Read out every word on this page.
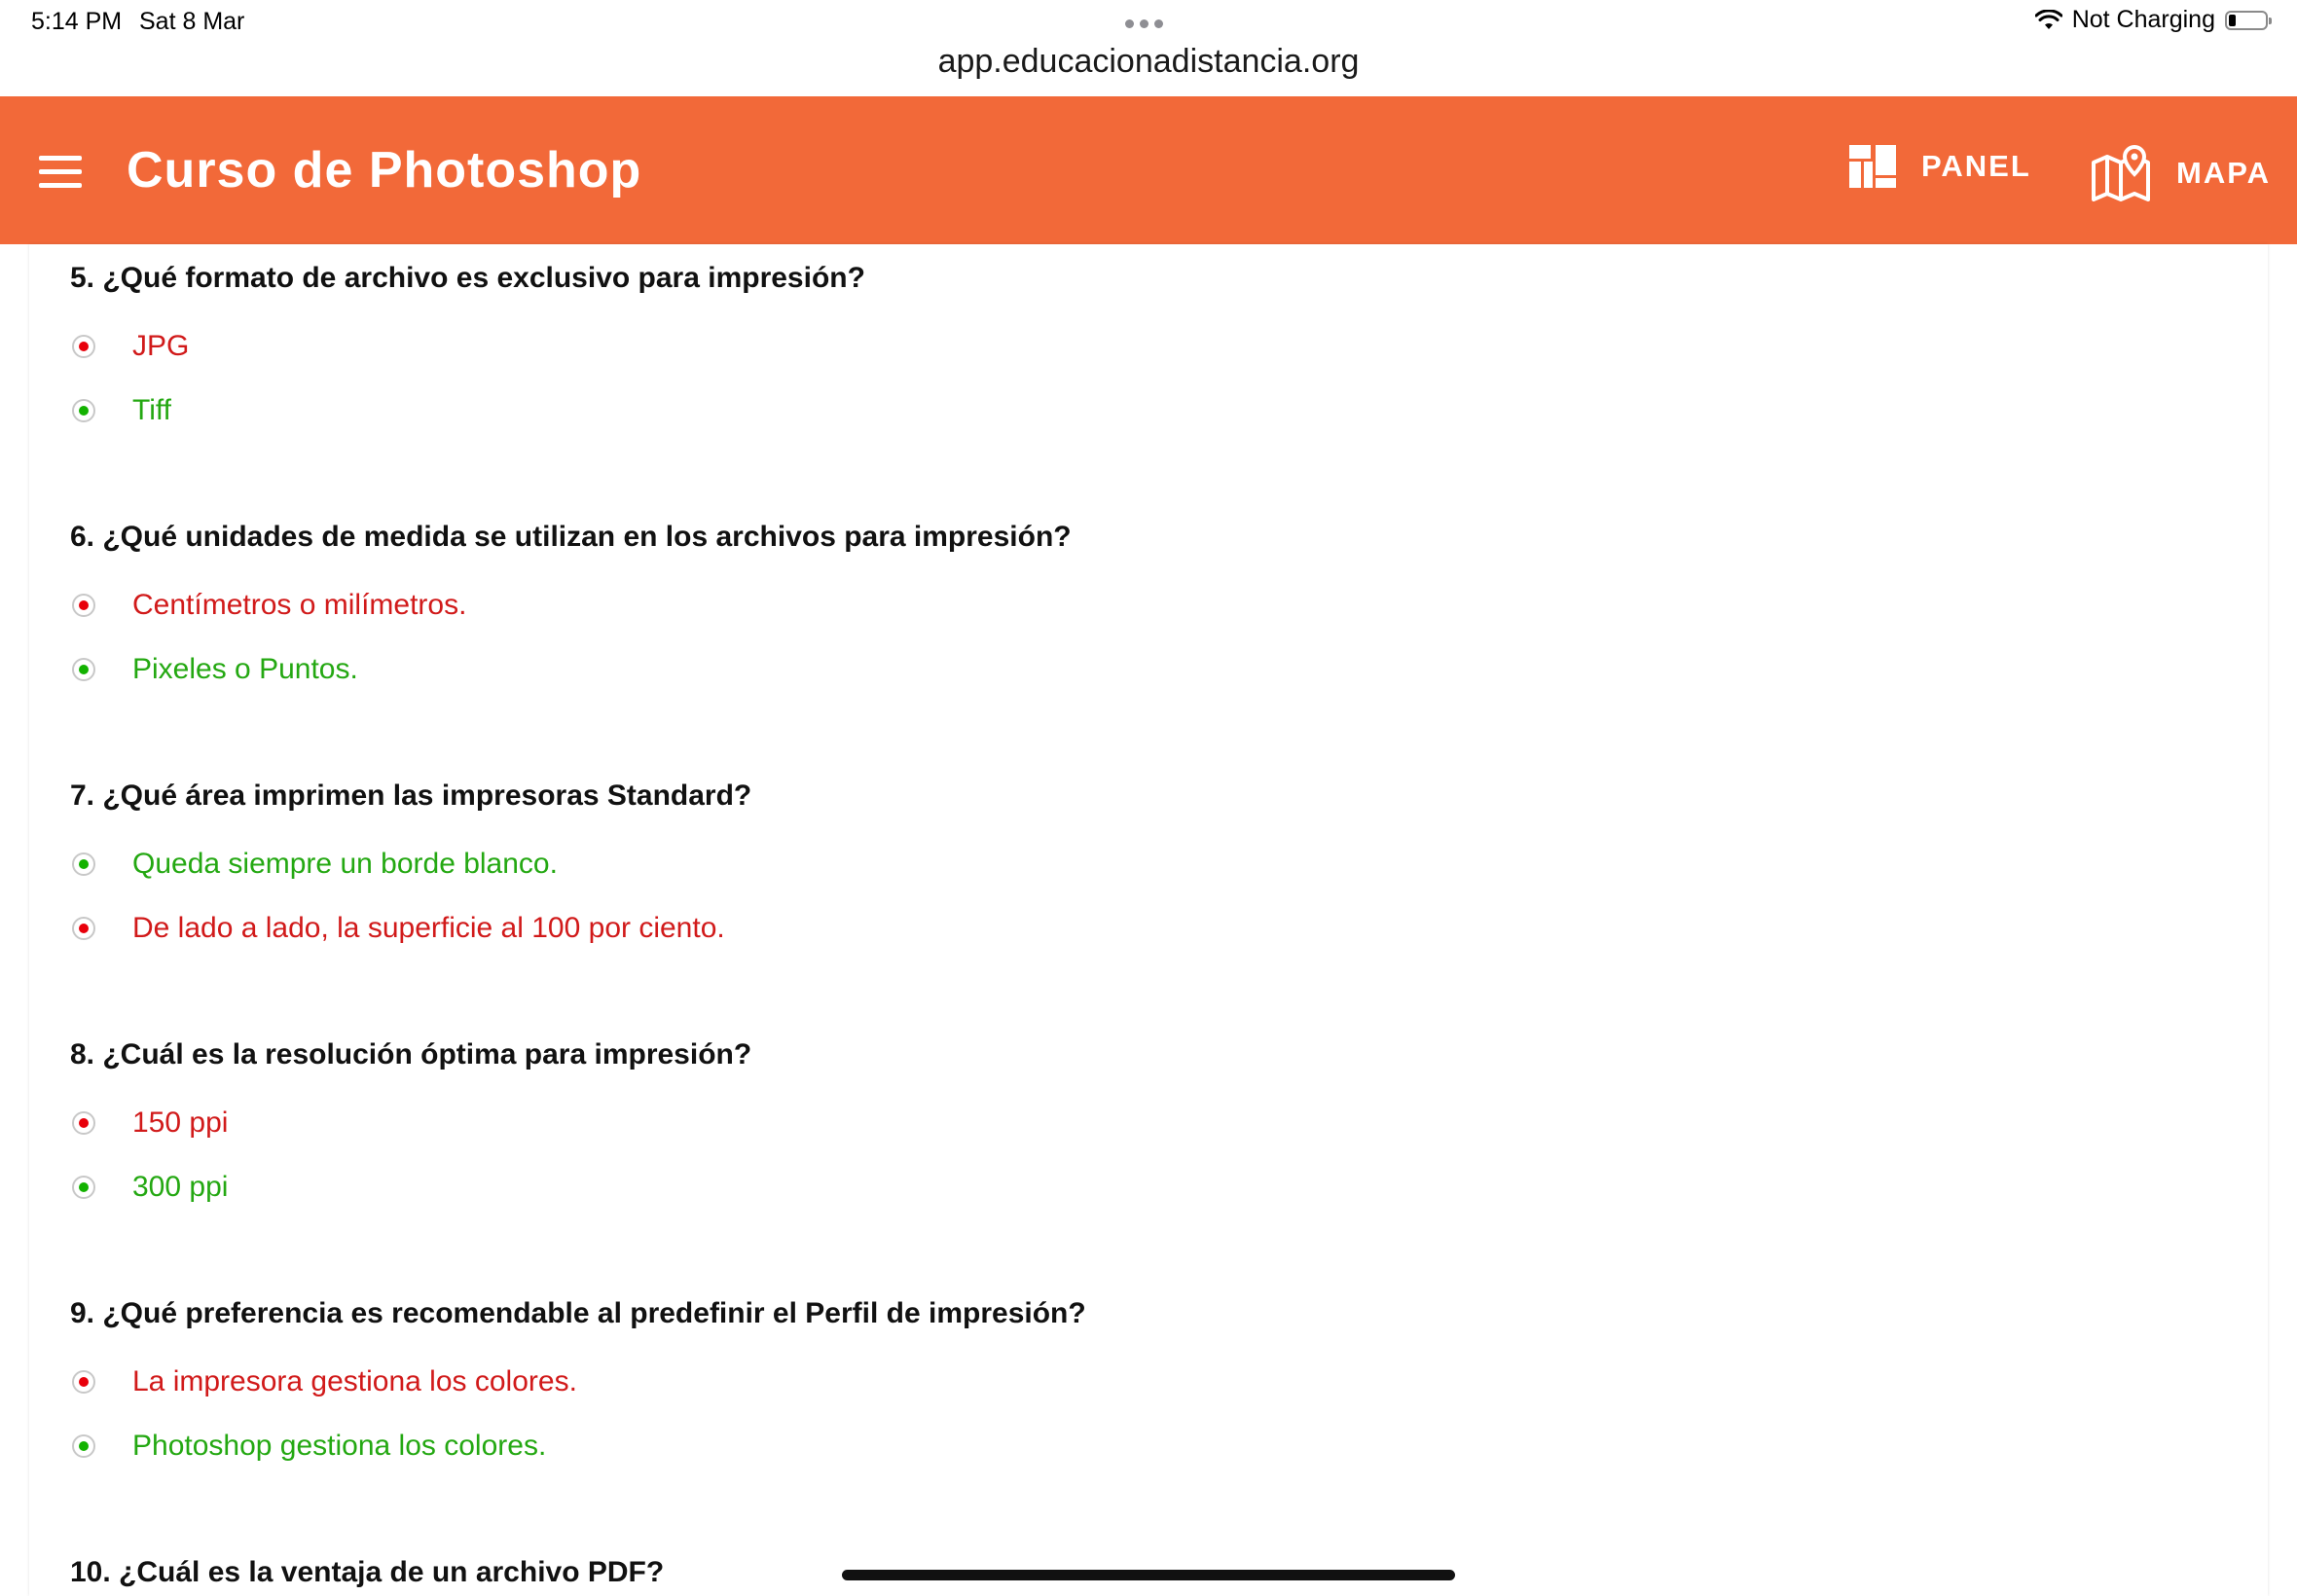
5:14 PM Sat 8 Mar	Not Charging
app.educacionadistancia.org
Curso de Photoshop	PANEL	MAPA

5. ¿Qué formato de archivo es exclusivo para impresión?

JPG
Tiff

6. ¿Qué unidades de medida se utilizan en los archivos para impresión?

Centímetros o milímetros.
Pixeles o Puntos.

7. ¿Qué área imprimen las impresoras Standard?

Queda siempre un borde blanco.
De lado a lado, la superficie al 100 por ciento.

8. ¿Cuál es la resolución óptima para impresión?

150 ppi
300 ppi

9. ¿Qué preferencia es recomendable al predefinir el Perfil de impresión?

La impresora gestiona los colores.
Photoshop gestiona los colores.

10. ¿Cuál es la ventaja de un archivo PDF?
